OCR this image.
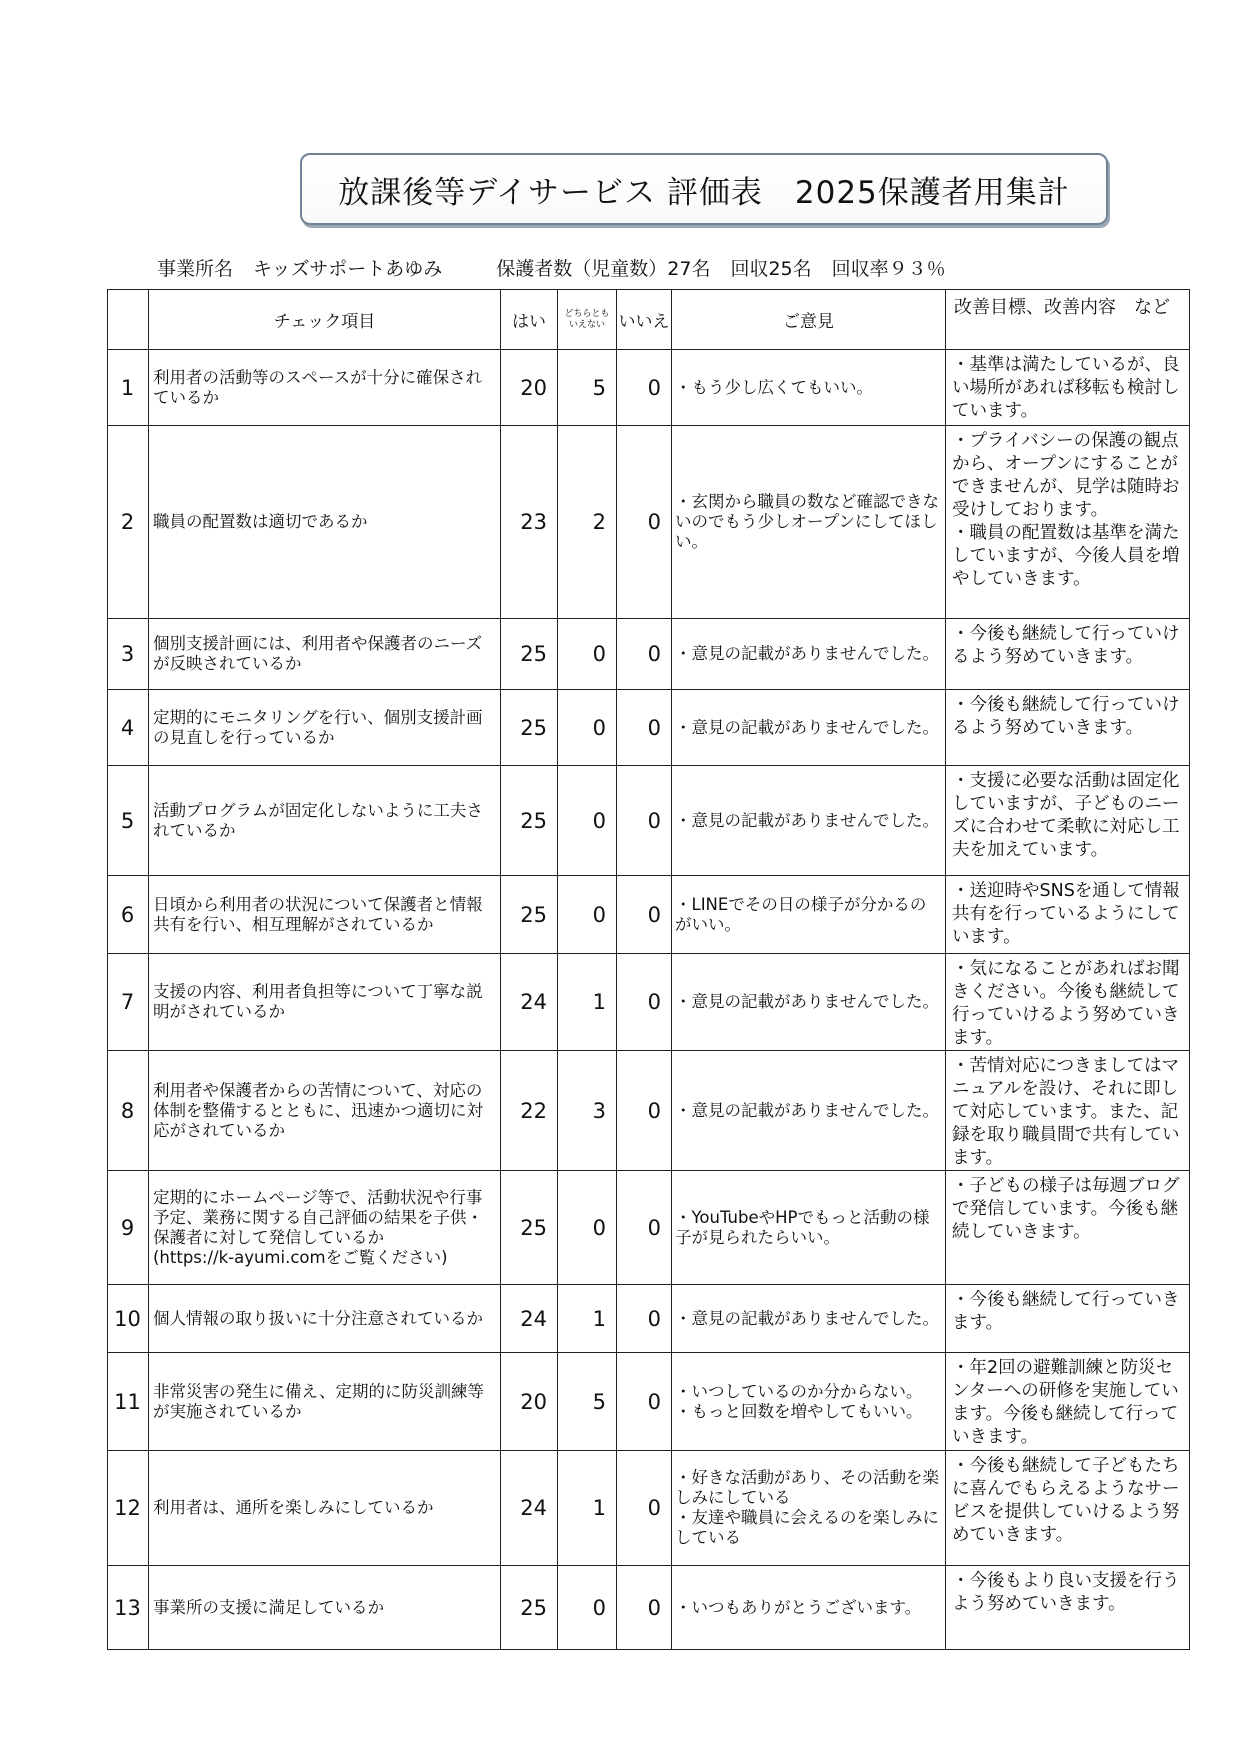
放課後等デイサービス 評価表　2025保護者用集計
事業所名 キッズサポートあゆみ	保護者数（児童数）27名 回収25名 回収率９３％
	チェック項目	はい	どちらとも いえない	いいえ	ご意見	改善目標、改善内容　など

1	利用者の活動等のスペースが十分に確保されているか	20	5	0	・もう少し広くてもいい。	・基準は満たしているが、良い場所があれば移転も検討しています。

2	職員の配置数は適切であるか	23	2	0	・玄関から職員の数など確認できないのでもう少しオープンにしてほしい。	・プライバシーの保護の観点から、オープンにすることができませんが、見学は随時お受けしております。
・職員の配置数は基準を満たしていますが、今後人員を増やしていきます。

3	個別支援計画には、利用者や保護者のニーズが反映されているか	25	0	0	・意見の記載がありませんでした。	・今後も継続して行っていけるよう努めていきます。

4	定期的にモニタリングを行い、個別支援計画の見直しを行っているか	25	0	0	・意見の記載がありませんでした。	・今後も継続して行っていけるよう努めていきます。

5	活動プログラムが固定化しないように工夫されているか	25	0	0	・意見の記載がありませんでした。	・支援に必要な活動は固定化していますが、子どものニーズに合わせて柔軟に対応し工夫を加えています。

6	日頃から利用者の状況について保護者と情報共有を行い、相互理解がされているか	25	0	0	・LINEでその日の様子が分かるのがいい。	・送迎時やSNSを通して情報共有を行っているようにしています。

7	支援の内容、利用者負担等について丁寧な説明がされているか	24	1	0	・意見の記載がありませんでした。	・気になることがあればお聞きください。今後も継続して行っていけるよう努めていきます。

8	利用者や保護者からの苦情について、対応の体制を整備するとともに、迅速かつ適切に対応がされているか	22	3	0	・意見の記載がありませんでした。	・苦情対応につきましてはマニュアルを設け、それに即して対応しています。また、記録を取り職員間で共有しています。

9	定期的にホームページ等で、活動状況や行事予定、業務に関する自己評価の結果を子供・保護者に対して発信しているか
(https://k-ayumi.comをご覧ください)	25	0	0	・YouTubeやHPでもっと活動の様子が見られたらいい。	・子どもの様子は毎週ブログで発信しています。今後も継続していきます。

10	個人情報の取り扱いに十分注意されているか	24	1	0	・意見の記載がありませんでした。	・今後も継続して行っていきます。

11	非常災害の発生に備え、定期的に防災訓練等が実施されているか	20	5	0	・いつしているのか分からない。
・もっと回数を増やしてもいい。	・年2回の避難訓練と防災センターへの研修を実施しています。今後も継続して行っていきます。

12	利用者は、通所を楽しみにしているか	24	1	0	・好きな活動があり、その活動を楽しみにしている
・友達や職員に会えるのを楽しみにしている	・今後も継続して子どもたちに喜んでもらえるようなサービスを提供していけるよう努めていきます。

13	事業所の支援に満足しているか	25	0	0	・いつもありがとうございます。	・今後もより良い支援を行うよう努めていきます。
